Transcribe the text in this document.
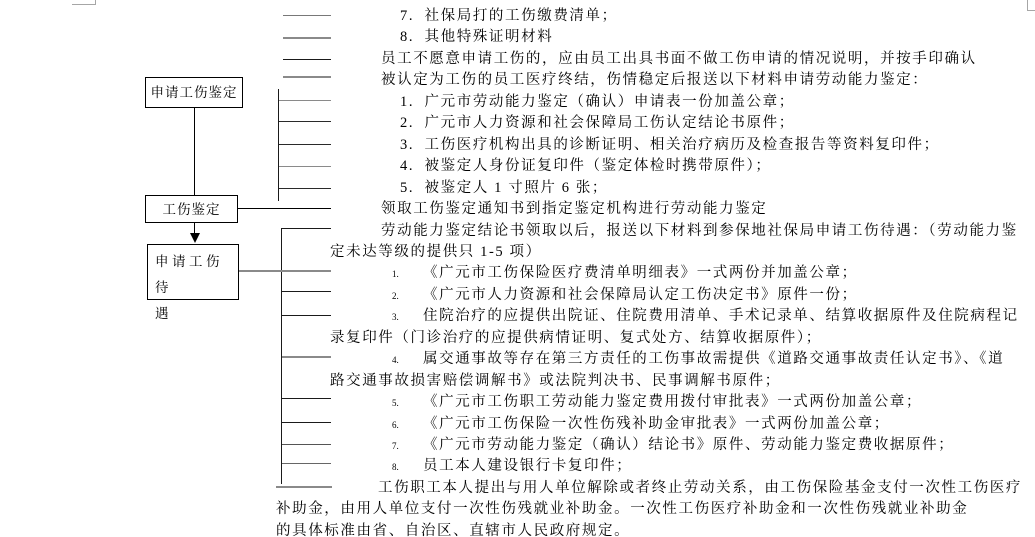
申请工伤鉴定
工伤鉴定
申请工伤待
遇
7.  社保局打的工伤缴费清单；
8.  其他特殊证明材料
员工不愿意申请工伤的，应由员工出具书面不做工伤申请的情况说明，并按手印确认
被认定为工伤的员工医疗终结，伤情稳定后报送以下材料申请劳动能力鉴定：
1.  广元市劳动能力鉴定（确认）申请表一份加盖公章；
2.  广元市人力资源和社会保障局工伤认定结论书原件；
3.  工伤医疗机构出具的诊断证明、相关治疗病历及检查报告等资料复印件；
4.  被鉴定人身份证复印件（鉴定体检时携带原件）；
5.  被鉴定人 1 寸照片 6 张；
领取工伤鉴定通知书到指定鉴定机构进行劳动能力鉴定
劳动能力鉴定结论书领取以后，报送以下材料到参保地社保局申请工伤待遇：（劳动能力鉴
定未达等级的提供只 1-5 项）
1. 《广元市工伤保险医疗费清单明细表》一式两份并加盖公章；
2. 《广元市人力资源和社会保障局认定工伤决定书》原件一份；
3. 住院治疗的应提供出院证、住院费用清单、手术记录单、结算收据原件及住院病程记
录复印件（门诊治疗的应提供病情证明、复式处方、结算收据原件）；
4. 属交通事故等存在第三方责任的工伤事故需提供《道路交通事故责任认定书》、《道
路交通事故损害赔偿调解书》或法院判决书、民事调解书原件；
5. 《广元市工伤职工劳动能力鉴定费用拨付审批表》一式两份加盖公章；
6. 《广元市工伤保险一次性伤残补助金审批表》一式两份加盖公章；
7. 《广元市劳动能力鉴定（确认）结论书》原件、劳动能力鉴定费收据原件；
8. 员工本人建设银行卡复印件；
工伤职工本人提出与用人单位解除或者终止劳动关系，由工伤保险基金支付一次性工伤医疗
补助金，由用人单位支付一次性伤残就业补助金。一次性工伤医疗补助金和一次性伤残就业补助金
的具体标准由省、自治区、直辖市人民政府规定。
